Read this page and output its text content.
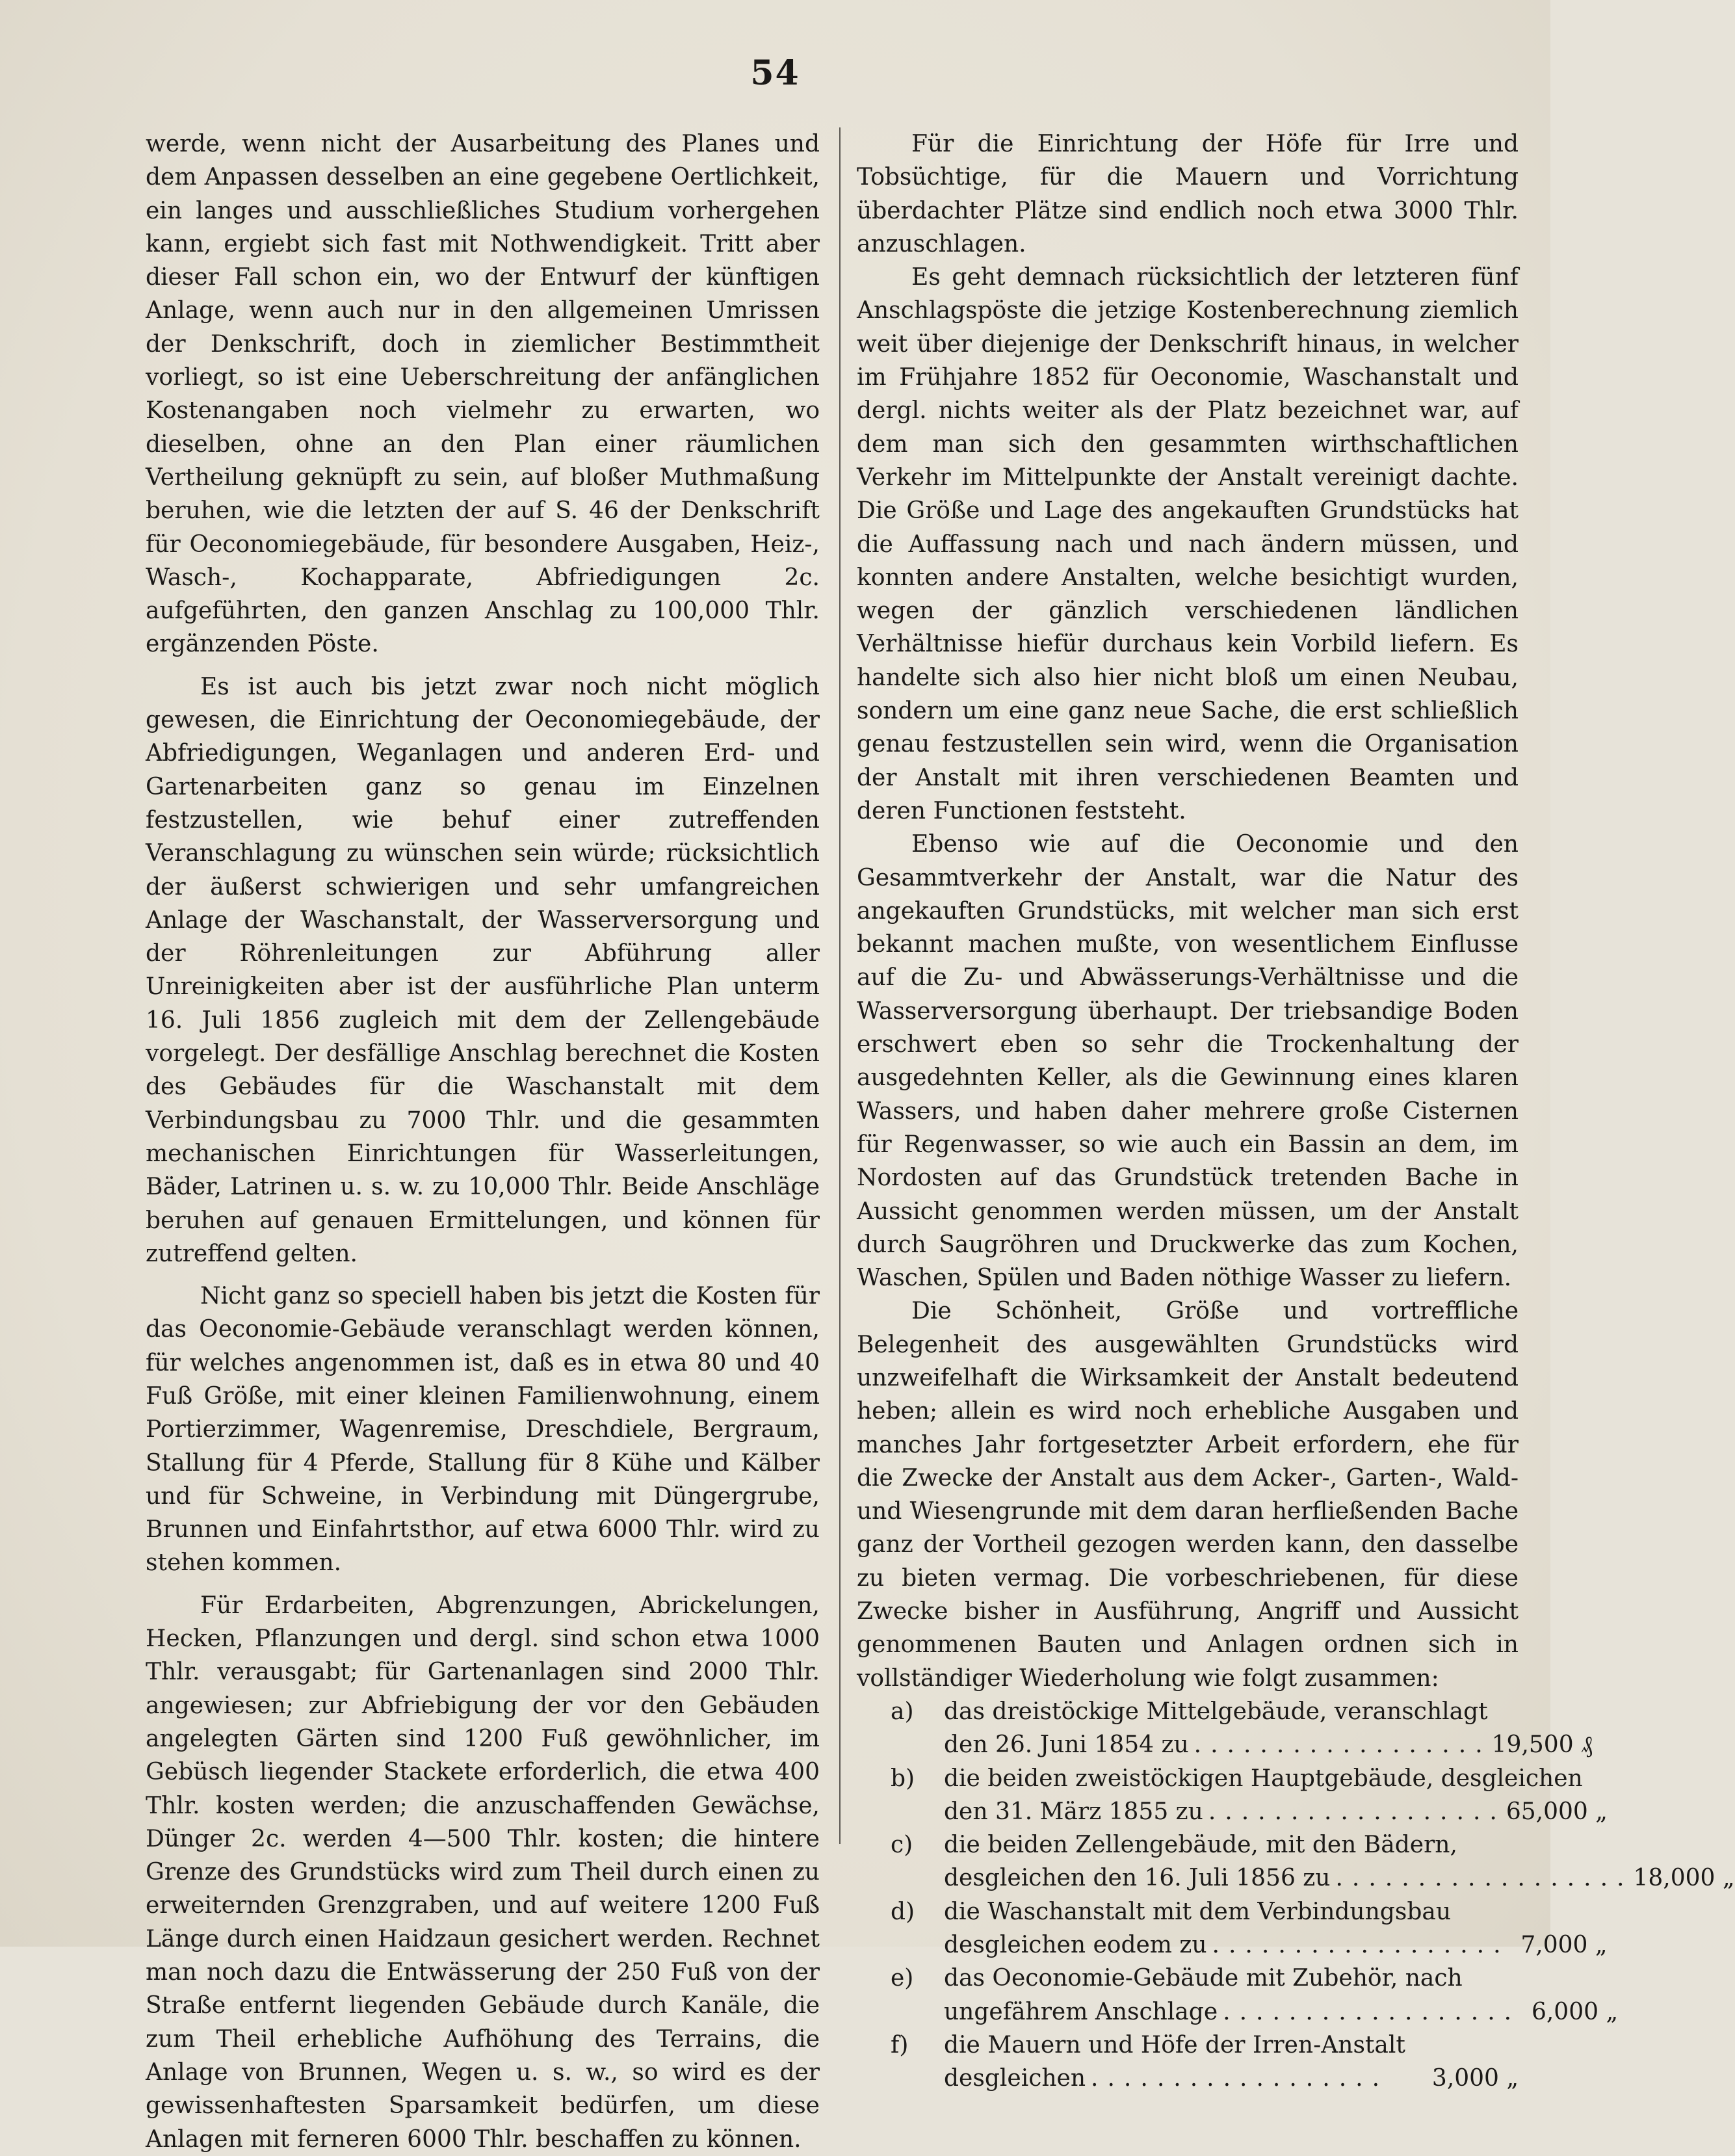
54

werde, wenn nicht der Ausarbeitung des Planes und dem Anpassen desselben an eine gegebene Oertlichkeit, ein langes und ausschließliches Studium vorhergehen kann, ergiebt sich fast mit Nothwendigkeit. Tritt aber dieser Fall schon ein, wo der Entwurf der künftigen Anlage, wenn auch nur in den allgemeinen Umrissen der Denkschrift, doch in ziemlicher Bestimmtheit vorliegt, so ist eine Ueberschreitung der anfänglichen Kostenangaben noch vielmehr zu erwarten, wo dieselben, ohne an den Plan einer räumlichen Vertheilung geknüpft zu sein, auf bloßer Muthmaßung beruhen, wie die letzten der auf S. 46 der Denkschrift für Oeconomiegebäude, für besondere Ausgaben, Heiz-, Wasch-, Kochapparate, Abfriedigungen 2c. aufgeführten, den ganzen Anschlag zu 100,000 Thlr. ergänzenden Pöste.

Es ist auch bis jetzt zwar noch nicht möglich gewesen, die Einrichtung der Oeconomiegebäude, der Abfriedigungen, Weganlagen und anderen Erd- und Gartenarbeiten ganz so genau im Einzelnen festzustellen, wie behuf einer zutreffenden Veranschlagung zu wünschen sein würde; rücksichtlich der äußerst schwierigen und sehr umfangreichen Anlage der Waschanstalt, der Wasserversorgung und der Röhrenleitungen zur Abführung aller Unreinigkeiten aber ist der ausführliche Plan unterm 16. Juli 1856 zugleich mit dem der Zellengebäude vorgelegt. Der desfällige Anschlag berechnet die Kosten des Gebäudes für die Waschanstalt mit dem Verbindungsbau zu 7000 Thlr. und die gesammten mechanischen Einrichtungen für Wasserleitungen, Bäder, Latrinen u. s. w. zu 10,000 Thlr. Beide Anschläge beruhen auf genauen Ermittelungen, und können für zutreffend gelten.

Nicht ganz so speciell haben bis jetzt die Kosten für das Oeconomie-Gebäude veranschlagt werden können, für welches angenommen ist, daß es in etwa 80 und 40 Fuß Größe, mit einer kleinen Familienwohnung, einem Portierzimmer, Wagenremise, Dreschdiele, Bergraum, Stallung für 4 Pferde, Stallung für 8 Kühe und Kälber und für Schweine, in Verbindung mit Düngergrube, Brunnen und Einfahrtsthor, auf etwa 6000 Thlr. wird zu stehen kommen.

Für Erdarbeiten, Abgrenzungen, Abrickelungen, Hecken, Pflanzungen und dergl. sind schon etwa 1000 Thlr. verausgabt; für Gartenanlagen sind 2000 Thlr. angewiesen; zur Abfriebigung der vor den Gebäuden angelegten Gärten sind 1200 Fuß gewöhnlicher, im Gebüsch liegender Stackete erforderlich, die etwa 400 Thlr. kosten werden; die anzuschaffenden Gewächse, Dünger 2c. werden 4—500 Thlr. kosten; die hintere Grenze des Grundstücks wird zum Theil durch einen zu erweiternden Grenzgraben, und auf weitere 1200 Fuß Länge durch einen Haidzaun gesichert werden. Rechnet man noch dazu die Entwässerung der 250 Fuß von der Straße entfernt liegenden Gebäude durch Kanäle, die zum Theil erhebliche Aufhöhung des Terrains, die Anlage von Brunnen, Wegen u. s. w., so wird es der gewissenhaftesten Sparsamkeit bedürfen, um diese Anlagen mit ferneren 6000 Thlr. beschaffen zu können.

Für die Einrichtung der Höfe für Irre und Tobsüchtige, für die Mauern und Vorrichtung überdachter Plätze sind endlich noch etwa 3000 Thlr. anzuschlagen.

Es geht demnach rücksichtlich der letzteren fünf Anschlagspöste die jetzige Kostenberechnung ziemlich weit über diejenige der Denkschrift hinaus, in welcher im Frühjahre 1852 für Oeconomie, Waschanstalt und dergl. nichts weiter als der Platz bezeichnet war, auf dem man sich den gesammten wirthschaftlichen Verkehr im Mittelpunkte der Anstalt vereinigt dachte. Die Größe und Lage des angekauften Grundstücks hat die Auffassung nach und nach ändern müssen, und konnten andere Anstalten, welche besichtigt wurden, wegen der gänzlich verschiedenen ländlichen Verhältnisse hiefür durchaus kein Vorbild liefern. Es handelte sich also hier nicht bloß um einen Neubau, sondern um eine ganz neue Sache, die erst schließlich genau festzustellen sein wird, wenn die Organisation der Anstalt mit ihren verschiedenen Beamten und deren Functionen feststeht.

Ebenso wie auf die Oeconomie und den Gesammtverkehr der Anstalt, war die Natur des angekauften Grundstücks, mit welcher man sich erst bekannt machen mußte, von wesentlichem Einflusse auf die Zu- und Abwässerungs-Verhältnisse und die Wasserversorgung überhaupt. Der triebsandige Boden erschwert eben so sehr die Trockenhaltung der ausgedehnten Keller, als die Gewinnung eines klaren Wassers, und haben daher mehrere große Cisternen für Regenwasser, so wie auch ein Bassin an dem, im Nordosten auf das Grundstück tretenden Bache in Aussicht genommen werden müssen, um der Anstalt durch Saugröhren und Druckwerke das zum Kochen, Waschen, Spülen und Baden nöthige Wasser zu liefern.

Die Schönheit, Größe und vortreffliche Belegenheit des ausgewählten Grundstücks wird unzweifelhaft die Wirksamkeit der Anstalt bedeutend heben; allein es wird noch erhebliche Ausgaben und manches Jahr fortgesetzter Arbeit erfordern, ehe für die Zwecke der Anstalt aus dem Acker-, Garten-, Wald- und Wiesengrunde mit dem daran herfließenden Bache ganz der Vortheil gezogen werden kann, den dasselbe zu bieten vermag. Die vorbeschriebenen, für diese Zwecke bisher in Ausführung, Angriff und Aussicht genommenen Bauten und Anlagen ordnen sich in vollständiger Wiederholung wie folgt zusammen:

a)	das dreistöckige Mittelgebäude, veranschlagt
den 26. Juni 1854 zu .................. 19,500 ₰
b)	die beiden zweistöckigen Hauptgebäude, desgleichen
den 31. März 1855 zu .................. 65,000 „
c)	die beiden Zellengebäude, mit den Bädern,
desgleichen den 16. Juli 1856 zu .................. 18,000 „
d)	die Waschanstalt mit dem Verbindungsbau
desgleichen eodem zu .................. 7,000 „
e)	das Oeconomie-Gebäude mit Zubehör, nach
ungefährem Anschlage .................. 6,000 „
f)	die Mauern und Höfe der Irren-Anstalt
desgleichen ..................	3,000 „
